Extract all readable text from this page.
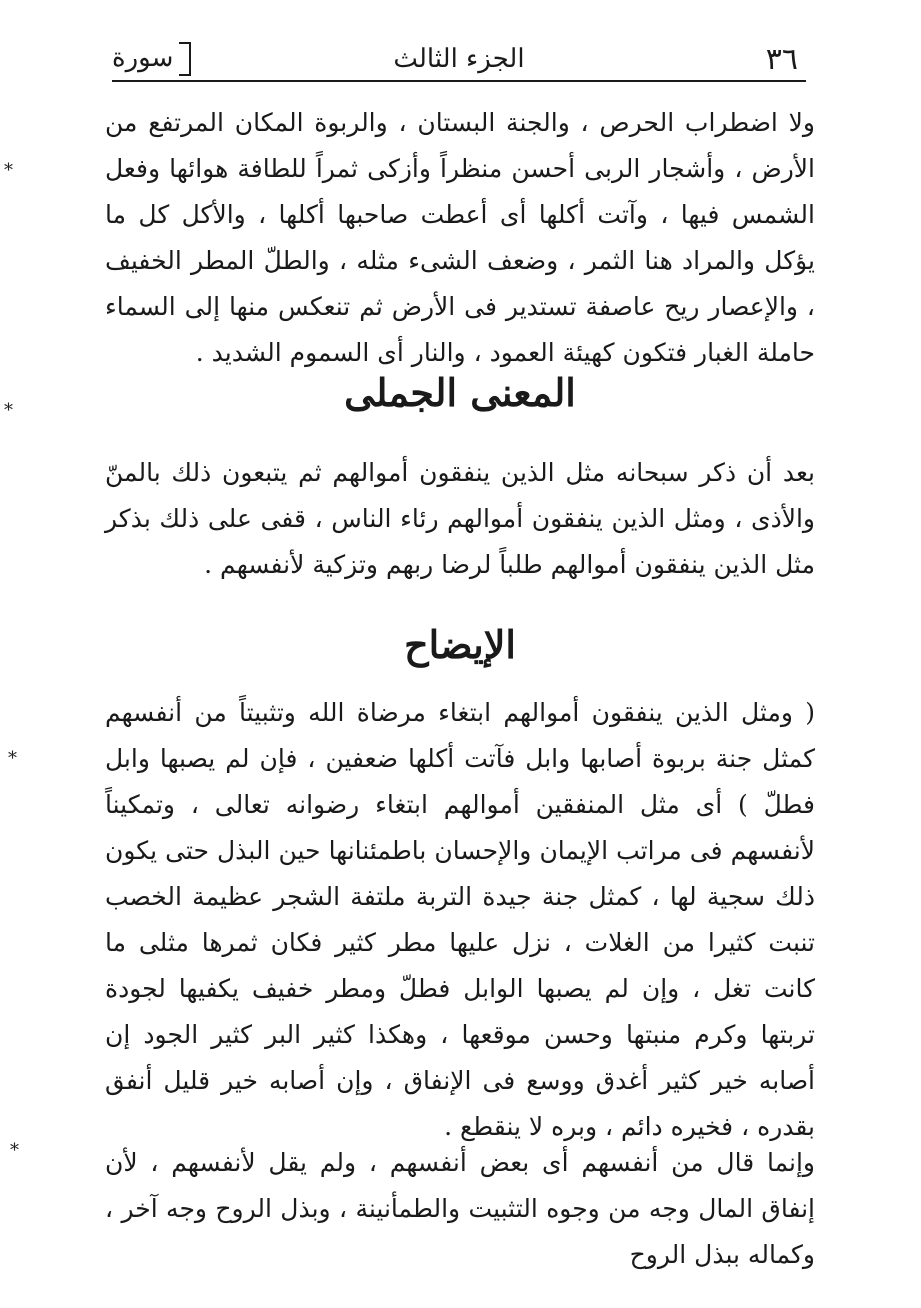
٣٦
الجزء الثالث
سورة

ولا اضطراب الحرص ، والجنة البستان ، والربوة المكان المرتفع من الأرض ، وأشجار الربى أحسن منظراً وأزكى ثمراً للطافة هوائها وفعل الشمس فيها ، وآتت أكلها أى أعطت صاحبها أكلها ، والأكل كل ما يؤكل والمراد هنا الثمر ، وضعف الشىء مثله ، والطلّ المطر الخفيف ، والإعصار ريح عاصفة تستدير فى الأرض ثم تنعكس منها إلى السماء حاملة الغبار فتكون كهيئة العمود ، والنار أى السموم الشديد .

المعنى الجملى

بعد أن ذكر سبحانه مثل الذين ينفقون أموالهم ثم يتبعون ذلك بالمنّ والأذى ، ومثل الذين ينفقون أموالهم رئاء الناس ، قفى على ذلك بذكر مثل الذين ينفقون أموالهم طلباً لرضا ربهم وتزكية لأنفسهم .

الإيضاح

( ومثل الذين ينفقون أموالهم ابتغاء مرضاة الله وتثبيتاً من أنفسهم كمثل جنة بربوة أصابها وابل فآتت أكلها ضعفين ، فإن لم يصبها وابل فطلّ ) أى مثل المنفقين أموالهم ابتغاء رضوانه تعالى ، وتمكيناً لأنفسهم فى مراتب الإيمان والإحسان باطمئنانها حين البذل حتى يكون ذلك سجية لها ، كمثل جنة جيدة التربة ملتفة الشجر عظيمة الخصب تنبت كثيرا من الغلات ، نزل عليها مطر كثير فكان ثمرها مثلى ما كانت تغل ، وإن لم يصبها الوابل فطلّ ومطر خفيف يكفيها لجودة تربتها وكرم منبتها وحسن موقعها ، وهكذا كثير البر كثير الجود إن أصابه خير كثير أغدق ووسع فى الإنفاق ، وإن أصابه خير قليل أنفق بقدره ، فخيره دائم ، وبره لا ينقطع .

وإنما قال من أنفسهم أى بعض أنفسهم ، ولم يقل لأنفسهم ، لأن إنفاق المال وجه من وجوه التثبيت والطمأنينة ، وبذل الروح وجه آخر ، وكماله ببذل الروح

*
*
*
*
